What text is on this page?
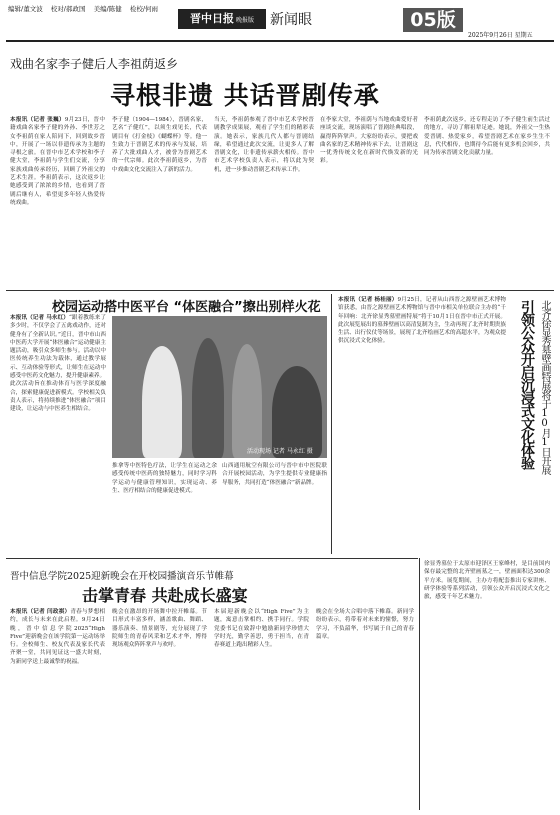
编辑/董文波 校对/郝政国 美编/陈健 检校/何雨
晋中日报 晚报版	新闻眼	05版
2025年9月26日 星期五
戏曲名家李子健后人李祖荫返乡
寻根非遗 共话晋剧传承
本报讯（记者 张巍）9月23日，晋中籍戏曲名家李子健的外孙、李世芳之女李祖荫在家人陪同下，回到故乡晋中，开展了一场以非遗传承为主题的寻根之旅。在晋中市艺术学校和李子健大堂，李祖荫与学生们交流，分享家族戏曲传承经历，回顾了外祖父的艺术生涯。李祖荫表示，这次返乡让她感受到了浓浓的乡情，也看到了晋剧后继有人，希望更多年轻人热爱传统戏曲。
李子健（1904—1984），晋剧名家，艺名“子健红”，以须生戏见长，代表剧目有《打金枝》《蝴蝶杯》等。他一生致力于晋剧艺术的传承与发展，培养了大批戏曲人才，被誉为晋剧艺术的一代宗师。此次李祖荫返乡，为晋中戏曲文化交流注入了新的活力。
当天，李祖荫参观了晋中市艺术学校晋剧教学成果展，观看了学生们的精彩表演。她表示，家族几代人都与晋剧结缘，希望通过此次交流，让更多人了解晋剧文化，让非遗传承薪火相传。晋中市艺术学校负责人表示，将以此为契机，进一步推动晋剧艺术传承工作。
在李家大堂，李祖荫与当地戏曲爱好者座谈交流，现场演唱了晋剧经典唱段，赢得阵阵掌声。大家纷纷表示，要把戏曲名家的艺术精神传承下去，让晋剧这一优秀传统文化在新时代焕发新的光彩。
李祖荫此次返乡，还专程走访了李子健生前生活过的地方，寻访了解祖辈足迹。她说，外祖父一生热爱晋剧、热爱家乡，希望晋剧艺术在家乡生生不息，代代相传，也期待今后能有更多机会回乡，共同为传承晋剧文化贡献力量。
校园运动搭中医平台 “体医融合”擦出别样火花
本报讯（记者 马永红）“跟着教练来了多少时，不仅学会了五禽戏动作，还对健身有了全新认识。”近日，晋中市山西中医药大学开展“体医融合”运动健康主题活动，吸引众多师生参与。活动以中医传统养生功法为载体，通过教学展示、互动体验等形式，让师生在运动中感受中医药文化魅力，提升健康素养。
此次活动旨在推动体育与医学深度融合，探索健康促进新模式。学校相关负责人表示，将持续推进“体医融合”项目建设，让运动与中医养生相结合。
活动现场 记者 马永红 摄
推拿等中医特色疗法，让学生在运动之余感受传统中医药的独特魅力，同时学习科学运动与健康管理知识，实现运动、养生、医疗相结合的健康促进模式。
山西通用航空有限公司与晋中市中医院联合开展校园活动，为学生提供专业健康指导服务，共同打造“体医融合”新品牌。
本报讯（记者 杨桂丽）9月25日，记者从山西晋之源壁画艺术博物馆获悉，由晋之源壁画艺术博物馆与晋中市相关单位联合主办的“千年回响：北齐徐显秀墓壁画特展”将于10月1日在晋中市正式开展。此次展览展出的墓葬壁画以高清复制为主，生动再现了北齐时期贵族生活、出行仪仗等场景，展现了北齐绘画艺术的高超水平，为观众提供沉浸式文化体验。	引领公众开启沉浸式文化体验 北齐徐显秀墓壁画特展将于10月1日开展
徐显秀墓位于太原市迎泽区王家峰村，是目前国内保存最完整的北齐壁画墓之一，壁画面积达300余平方米。展览期间，主办方将配套推出专家讲座、研学体验等系列活动，引领公众开启沉浸式文化之旅，感受千年艺术魅力。
晋中信息学院2025迎新晚会在开校园播演音乐节帷幕
击掌青春 共赴成长盛宴
本报讯（记者 闫政祺）青春与梦想相约，成长与未来在此启程。9月24日晚，晋中信息学院2025“High Five”迎新晚会在该学院第一运动场举行。全校师生、校友代表及家长代表齐聚一堂，共同见证这一盛大时刻，为新同学送上最诚挚的祝福。
晚会在激昂的开场舞中拉开帷幕。节目形式丰富多样，涵盖歌曲、舞蹈、器乐演奏、情景剧等，充分展现了学院师生的青春风采和艺术才华，博得现场观众阵阵掌声与欢呼。
本届迎新晚会以“High Five”为主题，寓意击掌相约、携手同行。学院党委书记在致辞中勉励新同学珍惜大学时光，勤学善思，勇于担当，在青春赛道上跑出精彩人生。
晚会在全场大合唱中落下帷幕。新同学纷纷表示，将带着对未来的憧憬，努力学习，不负韶华，书写属于自己的青春篇章。
